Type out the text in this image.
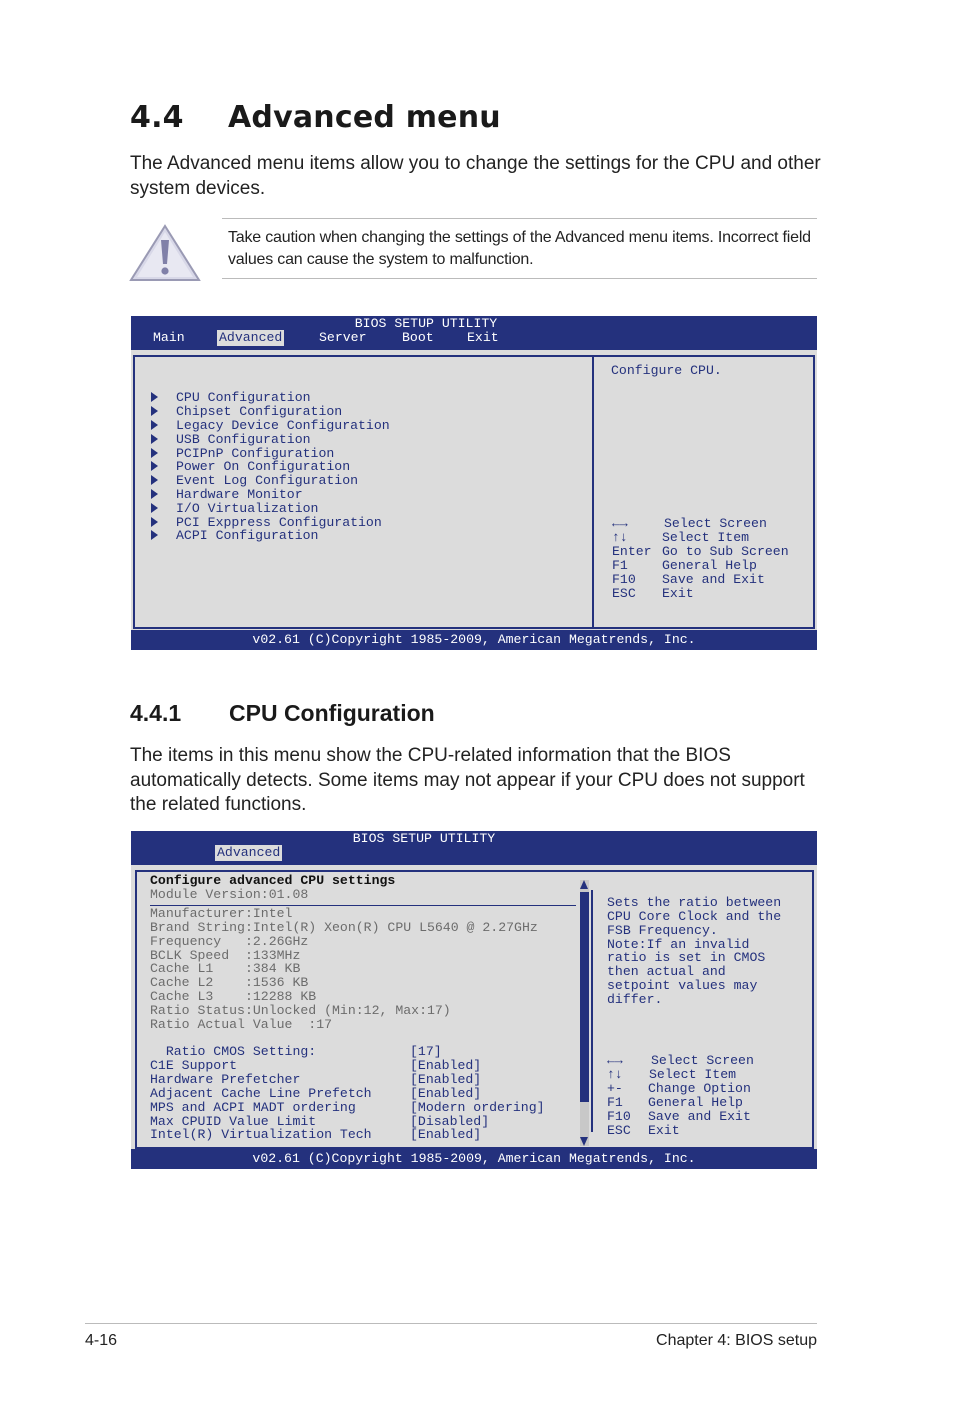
4.4 Advanced menu

The Advanced menu items allow you to change the settings for the CPU and other system devices.

Take caution when changing the settings of the Advanced menu items. Incorrect field values can cause the system to malfunction.

BIOS SETUP UTILITY
Main	Advanced	Server	Boot	Exit
CPU Configuration
Chipset Configuration
Legacy Device Configuration
USB Configuration
PCIPnP Configuration
Power On Configuration
Event Log Configuration
Hardware Monitor
I/O Virtualization
PCI Exppress Configuration
ACPI Configuration
Configure CPU.
←→	Select Screen
↑↓	Select Item
Enter Go to Sub Screen
F1	General Help
F10 Save and Exit
ESC Exit
v02.61 (C)Copyright 1985-2009, American Megatrends, Inc.
4.4.1 CPU Configuration

The items in this menu show the CPU-related information that the BIOS automatically detects. Some items may not appear if your CPU does not support the related functions.

BIOS SETUP UTILITY
Advanced
Configure advanced CPU settings
Module Version:01.08
Manufacturer:Intel
Brand String:Intel(R) Xeon(R) CPU L5640 @ 2.27GHz
Frequency   :2.26GHz
BCLK Speed  :133MHz
Cache L1    :384 KB
Cache L2    :1536 KB
Cache L3    :12288 KB
Ratio Status:Unlocked (Min:12, Max:17)
Ratio Actual Value  :17
Ratio CMOS Setting:	[17]
C1E Support	[Enabled]
Hardware Prefetcher	[Enabled]
Adjacent Cache Line Prefetch	[Enabled]
MPS and ACPI MADT ordering	[Modern ordering]
Max CPUID Value Limit	[Disabled]
Intel(R) Virtualization Tech	[Enabled]
Sets the ratio between
CPU Core Clock and the
FSB Frequency.
Note:If an invalid
ratio is set in CMOS
then actual and
setpoint values may
differ.
←→ Select Screen
↑↓ Select Item
+- Change Option
F1 General Help
F10 Save and Exit
ESC Exit
v02.61 (C)Copyright 1985-2009, American Megatrends, Inc.
4-16	Chapter 4: BIOS setup
